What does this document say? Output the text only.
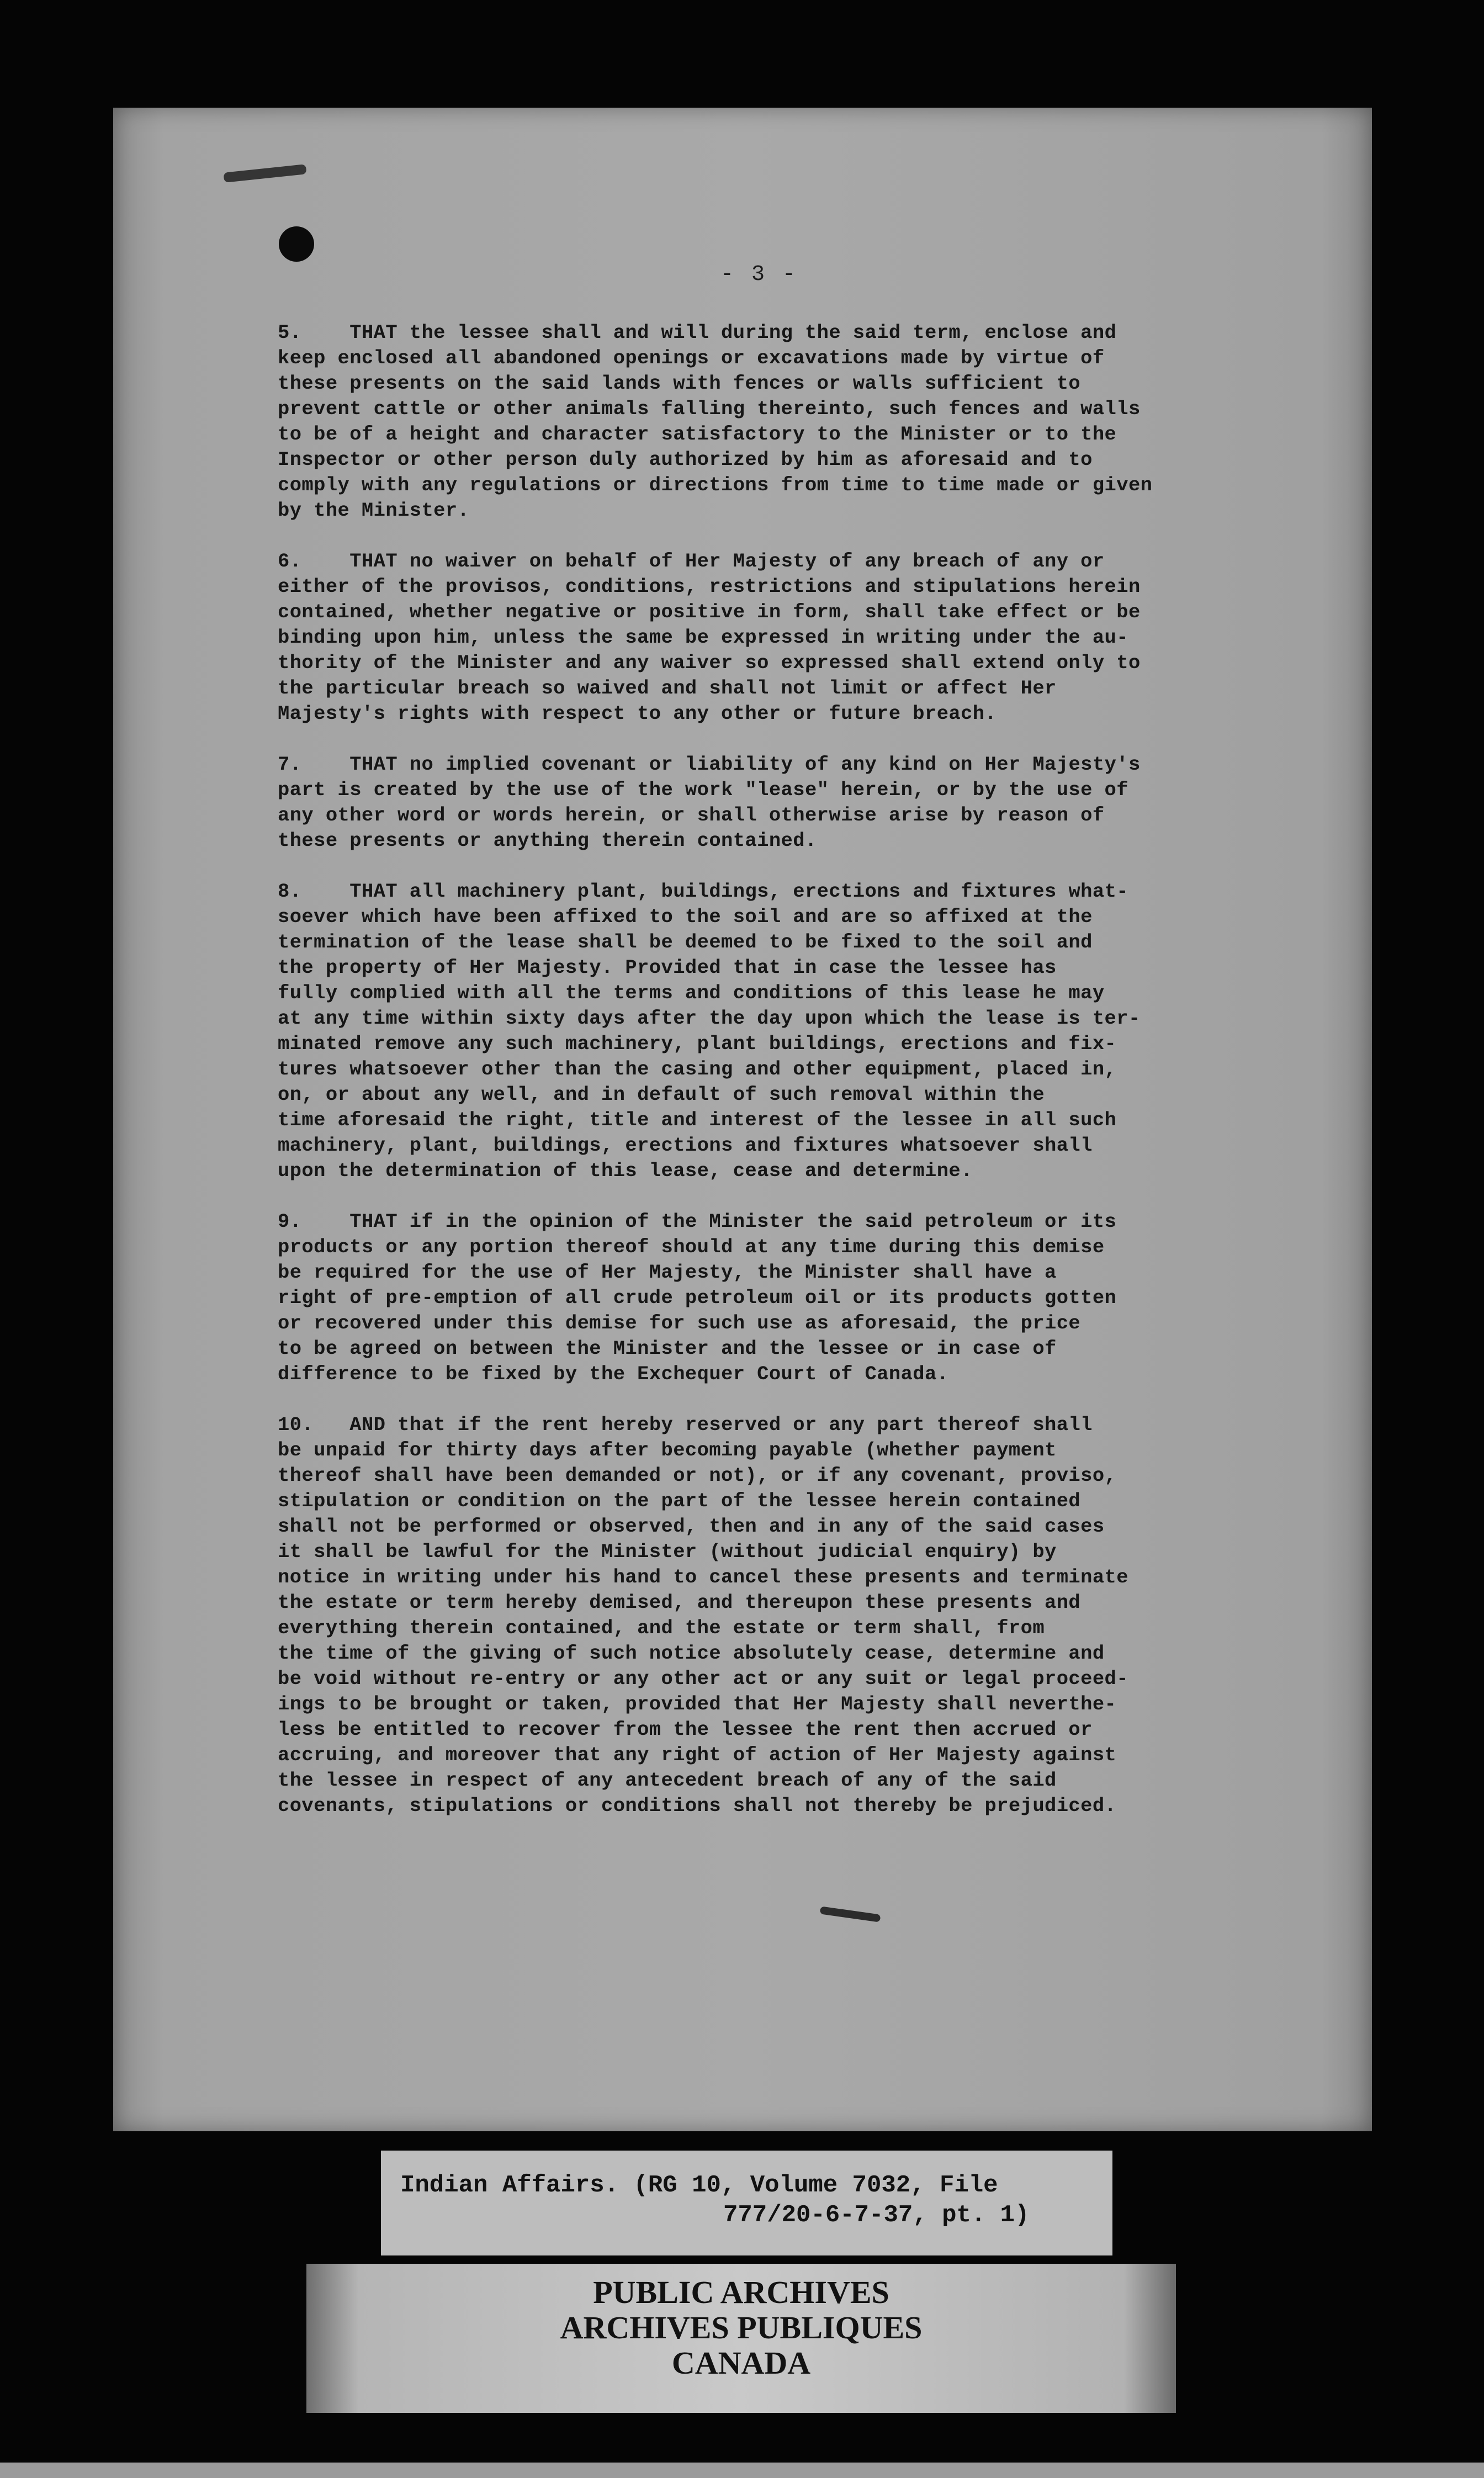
- 3 -

5. THAT the lessee shall and will during the said term, enclose and
keep enclosed all abandoned openings or excavations made by virtue of
these presents on the said lands with fences or walls sufficient to
prevent cattle or other animals falling thereinto, such fences and walls
to be of a height and character satisfactory to the Minister or to the
Inspector or other person duly authorized by him as aforesaid and to
comply with any regulations or directions from time to time made or given
by the Minister.

6. THAT no waiver on behalf of Her Majesty of any breach of any or
either of the provisos, conditions, restrictions and stipulations herein
contained, whether negative or positive in form, shall take effect or be
binding upon him, unless the same be expressed in writing under the au-
thority of the Minister and any waiver so expressed shall extend only to
the particular breach so waived and shall not limit or affect Her
Majesty's rights with respect to any other or future breach.

7. THAT no implied covenant or liability of any kind on Her Majesty's
part is created by the use of the work "lease" herein, or by the use of
any other word or words herein, or shall otherwise arise by reason of
these presents or anything therein contained.

8. THAT all machinery plant, buildings, erections and fixtures what-
soever which have been affixed to the soil and are so affixed at the
termination of the lease shall be deemed to be fixed to the soil and
the property of Her Majesty. Provided that in case the lessee has
fully complied with all the terms and conditions of this lease he may
at any time within sixty days after the day upon which the lease is ter-
minated remove any such machinery, plant buildings, erections and fix-
tures whatsoever other than the casing and other equipment, placed in,
on, or about any well, and in default of such removal within the
time aforesaid the right, title and interest of the lessee in all such
machinery, plant, buildings, erections and fixtures whatsoever shall
upon the determination of this lease, cease and determine.

9. THAT if in the opinion of the Minister the said petroleum or its
products or any portion thereof should at any time during this demise
be required for the use of Her Majesty, the Minister shall have a
right of pre-emption of all crude petroleum oil or its products gotten
or recovered under this demise for such use as aforesaid, the price
to be agreed on between the Minister and the lessee or in case of
difference to be fixed by the Exchequer Court of Canada.

10. AND that if the rent hereby reserved or any part thereof shall
be unpaid for thirty days after becoming payable (whether payment
thereof shall have been demanded or not), or if any covenant, proviso,
stipulation or condition on the part of the lessee herein contained
shall not be performed or observed, then and in any of the said cases
it shall be lawful for the Minister (without judicial enquiry) by
notice in writing under his hand to cancel these presents and terminate
the estate or term hereby demised, and thereupon these presents and
everything therein contained, and the estate or term shall, from
the time of the giving of such notice absolutely cease, determine and
be void without re-entry or any other act or any suit or legal proceed-
ings to be brought or taken, provided that Her Majesty shall neverthe-
less be entitled to recover from the lessee the rent then accrued or
accruing, and moreover that any right of action of Her Majesty against
the lessee in respect of any antecedent breach of any of the said
covenants, stipulations or conditions shall not thereby be prejudiced.

Indian Affairs. (RG 10, Volume 7032, File
777/20-6-7-37, pt. 1)
PUBLIC ARCHIVES
ARCHIVES PUBLIQUES
CANADA
